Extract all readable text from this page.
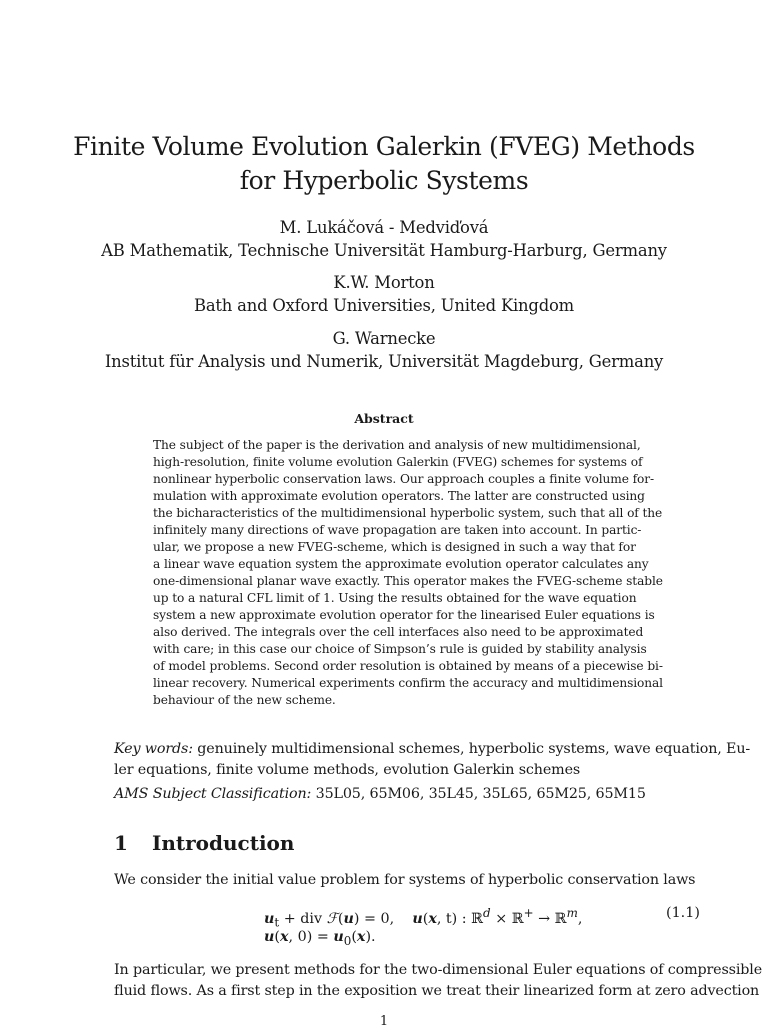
Finite Volume Evolution Galerkin (FVEG) Methods
for Hyperbolic Systems
M. Lukáčová - Medviďová
AB Mathematik, Technische Universität Hamburg-Harburg, Germany
K.W. Morton
Bath and Oxford Universities, United Kingdom
G. Warnecke
Institut für Analysis und Numerik, Universität Magdeburg, Germany
Abstract
The subject of the paper is the derivation and analysis of new multidimensional,
high-resolution, finite volume evolution Galerkin (FVEG) schemes for systems of
nonlinear hyperbolic conservation laws. Our approach couples a finite volume for-
mulation with approximate evolution operators. The latter are constructed using
the bicharacteristics of the multidimensional hyperbolic system, such that all of the
infinitely many directions of wave propagation are taken into account. In partic-
ular, we propose a new FVEG-scheme, which is designed in such a way that for
a linear wave equation system the approximate evolution operator calculates any
one-dimensional planar wave exactly. This operator makes the FVEG-scheme stable
up to a natural CFL limit of 1. Using the results obtained for the wave equation
system a new approximate evolution operator for the linearised Euler equations is
also derived. The integrals over the cell interfaces also need to be approximated
with care; in this case our choice of Simpson’s rule is guided by stability analysis
of model problems. Second order resolution is obtained by means of a piecewise bi-
linear recovery. Numerical experiments confirm the accuracy and multidimensional
behaviour of the new scheme.
Key words: genuinely multidimensional schemes, hyperbolic systems, wave equation, Eu-
ler equations, finite volume methods, evolution Galerkin schemes
AMS Subject Classification: 35L05, 65M06, 35L45, 35L65, 65M25, 65M15
1 Introduction
We consider the initial value problem for systems of hyperbolic conservation laws
$u_t$ + div ℱ(u) = 0,    u(x, t) : ℝ$^d$ × ℝ+ → ℝ$^m$,
u(x, $0) = u_0(x)$.
(1.1)
In particular, we present methods for the two-dimensional Euler equations of compressible
fluid flows. As a first step in the exposition we treat their linearized form at zero advection
1
